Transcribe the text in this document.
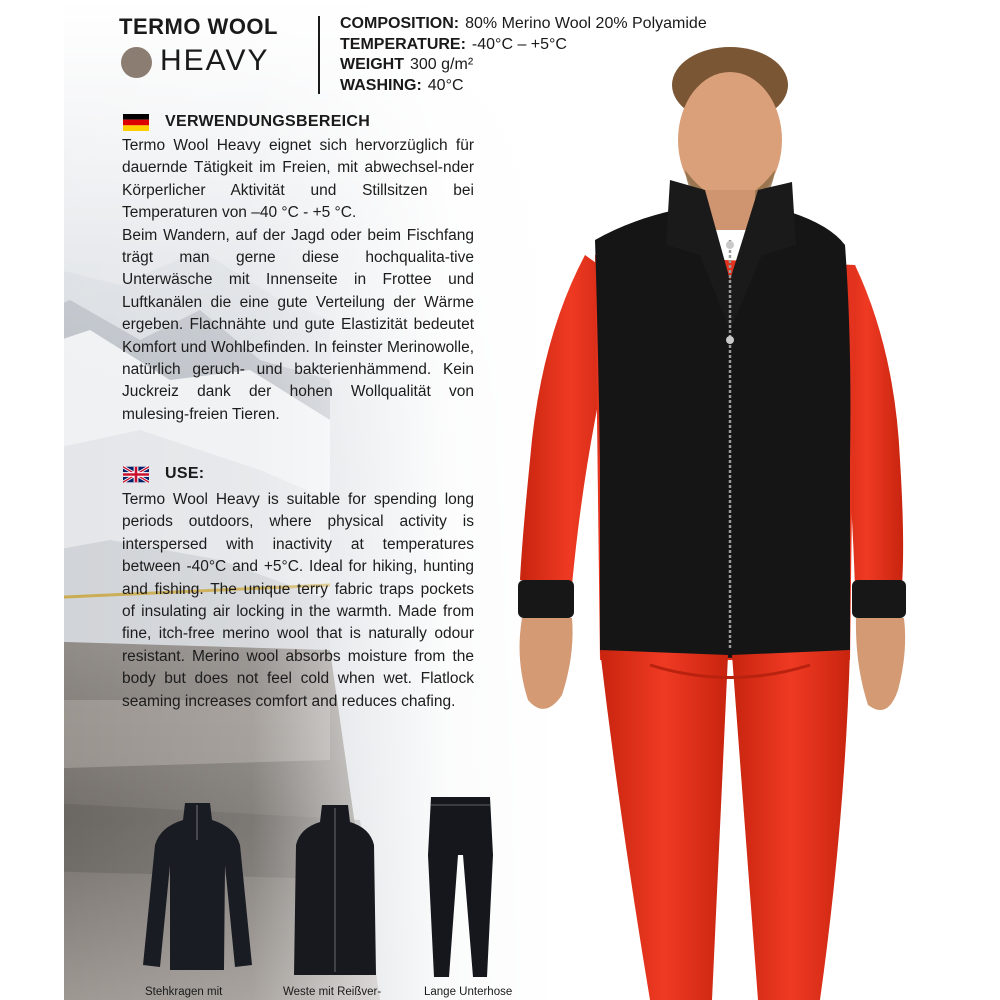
TERMO WOOL
HEAVY
COMPOSITION: 80% Merino Wool 20% Polyamide
TEMPERATURE: -40°C – +5°C
WEIGHT 300 g/m²
WASHING: 40°C
VERWENDUNGSBEREICH

Termo Wool Heavy eignet sich hervorzüglich für dauernde Tätigkeit im Freien, mit abwechsel-nder Körperlicher Aktivität und Stillsitzen bei Temperaturen von –40 °C - +5 °C.

Beim Wandern, auf der Jagd oder beim Fischfang trägt man gerne diese hochqualita-tive Unterwäsche mit Innenseite in Frottee und Luftkanälen die eine gute Verteilung der Wärme ergeben. Flachnähte und gute Elastizität bedeutet Komfort und Wohlbefinden. In feinster Merinowolle, natürlich geruch- und bakterienhämmend. Kein Juckreiz dank der hohen Wollqualität von mulesing-freien Tieren.

USE:

Termo Wool Heavy is suitable for spending long periods outdoors, where physical activity is interspersed with inactivity at temperatures between -40°C and +5°C. Ideal for hiking, hunting and fishing. The unique terry fabric traps pockets of insulating air locking in the warmth. Made from fine, itch-free merino wool that is naturally odour resistant. Merino wool absorbs moisture from the body but does not feel cold when wet. Flatlock seaming increases comfort and reduces chafing.

Stehkragen mit	Weste mit Reißver-	Lange Unterhose
